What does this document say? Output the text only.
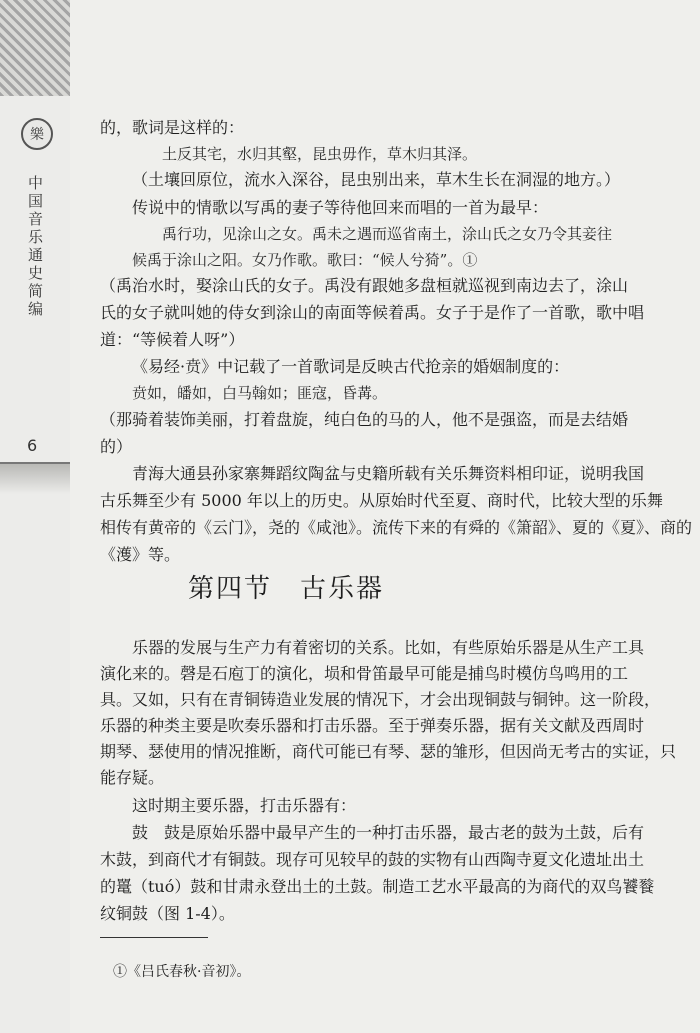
樂
中国音乐通史简编
6
的，歌词是这样的：
土反其宅，水归其壑，昆虫毋作，草木归其泽。
（土壤回原位，流水入深谷，昆虫别出来，草木生长在洞湿的地方。）
传说中的情歌以写禹的妻子等待他回来而唱的一首为最早：
禹行功，见涂山之女。禹未之遇而巡省南土，涂山氏之女乃令其妾往
候禹于涂山之阳。女乃作歌。歌曰：“候人兮猗”。①
（禹治水时，娶涂山氏的女子。禹没有跟她多盘桓就巡视到南边去了，涂山
氏的女子就叫她的侍女到涂山的南面等候着禹。女子于是作了一首歌，歌中唱
道：“等候着人呀”）
《易经·贲》中记载了一首歌词是反映古代抢亲的婚姻制度的：
贲如，皤如，白马翰如；匪寇，昏冓。
（那骑着装饰美丽，打着盘旋，纯白色的马的人，他不是强盗，而是去结婚
的）
青海大通县孙家寨舞蹈纹陶盆与史籍所载有关乐舞资料相印证，说明我国
古乐舞至少有 5000 年以上的历史。从原始时代至夏、商时代，比较大型的乐舞
相传有黄帝的《云门》，尧的《咸池》。流传下来的有舜的《箫韶》、夏的《夏》、商的
《濩》等。
第四节　古乐器
乐器的发展与生产力有着密切的关系。比如，有些原始乐器是从生产工具
演化来的。磬是石庖丁的演化，埙和骨笛最早可能是捕鸟时模仿鸟鸣用的工
具。又如，只有在青铜铸造业发展的情况下，才会出现铜鼓与铜钟。这一阶段，
乐器的种类主要是吹奏乐器和打击乐器。至于弹奏乐器，据有关文献及西周时
期琴、瑟使用的情况推断，商代可能已有琴、瑟的雏形，但因尚无考古的实证，只
能存疑。
这时期主要乐器，打击乐器有：
鼓　鼓是原始乐器中最早产生的一种打击乐器，最古老的鼓为土鼓，后有
木鼓，到商代才有铜鼓。现存可见较早的鼓的实物有山西陶寺夏文化遗址出土
的鼍（tuó）鼓和甘肃永登出土的土鼓。制造工艺水平最高的为商代的双鸟饕餮
纹铜鼓（图 1-4）。
①《吕氏春秋·音初》。
